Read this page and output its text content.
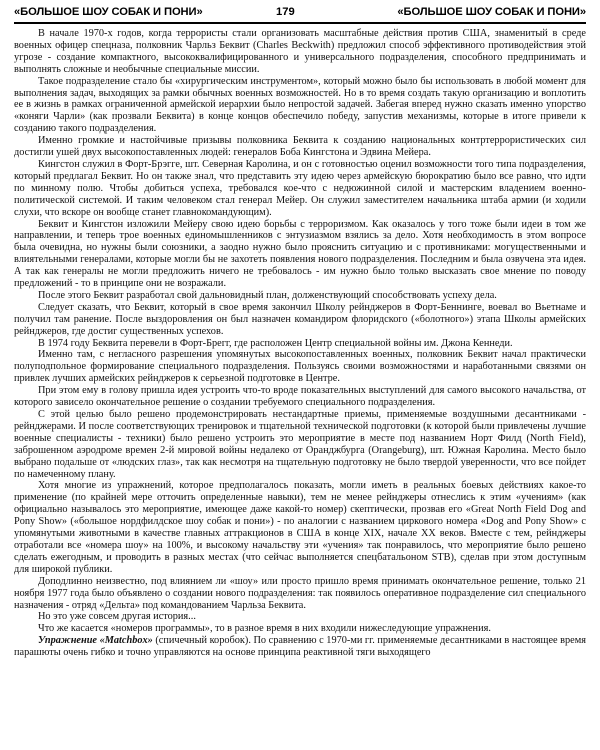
«БОЛЬШОЕ ШОУ СОБАК И ПОНИ»	179	«БОЛЬШОЕ ШОУ СОБАК И ПОНИ»

В начале 1970-х годов, когда террористы стали организовать масштабные действия против США, знаменитый в среде военных офицер спецназа, полковник Чарльз Беквит (Charles Beckwith) предложил способ эффективного противодействия этой угрозе - создание компактного, высококвалифицированного и универсального подразделения, способного предпринимать и выполнять сложные и необычные специальные миссии.

Такое подразделение стало бы «хирургическим инструментом», который можно было бы использовать в любой момент для выполнения задач, выходящих за рамки обычных военных возможностей. Но в то время создать такую организацию и воплотить ее в жизнь в рамках ограниченной армейской иерархии было непростой задачей. Забегая вперед нужно сказать именно упорство «коняги Чарли» (как прозвали Беквита) в конце концов обеспечило победу, запустив механизмы, которые в итоге привели к созданию такого подразделения.

Именно громкие и настойчивые призывы полковника Беквита к созданию национальных контртеррористических сил достигли ушей двух высокопоставленных людей: генералов Боба Кингстона и Эдвина Мейера.

Кингстон служил в Форт-Брэгге, шт. Северная Каролина, и он с готовностью оценил возможности того типа подразделения, который предлагал Беквит. Но он также знал, что представить эту идею через армейскую бюрократию было все равно, что идти по минному полю. Чтобы добиться успеха, требовался кое-что с недюжинной силой и мастерским владением военно-политической системой. И таким человеком стал генерал Мейер. Он служил заместителем начальника штаба армии (и ходили слухи, что вскоре он вообще станет главнокомандующим).

Беквит и Кингстон изложили Мейеру свою идею борьбы с терроризмом. Как оказалось у того тоже были идеи в том же направлении, и теперь трое военных единомышленников с энтузиазмом взялись за дело. Хотя необходимость в этом вопросе была очевидна, но нужны были союзники, а заодно нужно было прояснить ситуацию и с противниками: могущественными и влиятельными генералами, которые могли бы не захотеть появления нового подразделения. Последним и была озвучена эта идея. А так как генералы не могли предложить ничего не требовалось - им нужно было только высказать свое мнение по поводу предложений - то в принципе они не возражали.

После этого Беквит разработал свой дальновидный план, долженствующий способствовать успеху дела.

Следует сказать, что Беквит, который в свое время закончил Школу рейнджеров в Форт-Беннинге, воевал во Вьетнаме и получил там ранение. После выздоровления он был назначен командиром флоридского («болотного») этапа Школы армейских рейнджеров, где достиг существенных успехов.

В 1974 году Беквита перевели в Форт-Брегг, где расположен Центр специальной войны им. Джона Кеннеди.

Именно там, с негласного разрешения упомянутых высокопоставленных военных, полковник Беквит начал практически полуподпольное формирование специального подразделения. Пользуясь своими возможностями и наработанными связями он привлек лучших армейских рейнджеров к серьезной подготовке в Центре.

При этом ему в голову пришла идея устроить что-то вроде показательных выступлений для самого высокого начальства, от которого зависело окончательное решение о создании требуемого специального подразделения.

С этой целью было решено продемонстрировать нестандартные приемы, применяемые воздушными десантниками - рейнджерами. И после соответствующих тренировок и тщательной технической подготовки (к которой были привлечены лучшие военные специалисты - техники) было решено устроить это мероприятие в месте под названием Норт Филд (North Field), заброшенном аэродроме времен 2-й мировой войны недалеко от Оранджбурга (Orangeburg), шт. Южная Каролина. Место было выбрано подальше от «людских глаз», так как несмотря на тщательную подготовку не было твердой уверенности, что все пойдет по намеченному плану.

Хотя многие из упражнений, которое предполагалось показать, могли иметь в реальных боевых действиях какое-то применение (по крайней мере отточить определенные навыки), тем не менее рейнджеры отнеслись к этим «учениям» (как официально называлось это мероприятие, имеющее даже какой-то номер) скептически, прозвав его «Great North Field Dog and Pony Show» («большое нордфилдское шоу собак и пони») - по аналогии с названием циркового номера «Dog and Pony Show» с упомянутыми животными в качестве главных аттракционов в США в конце XIX, начале XX веков. Вместе с тем, рейнджеры отработали все «номера шоу» на 100%, и высокому начальству эти «учения» так понравилось, что мероприятие было решено сделать ежегодным, и проводить в разных местах (что сейчас выполняется спецбатальоном STB), сделав при этом доступным для широкой публики.

Доподлинно неизвестно, под влиянием ли «шоу» или просто пришло время принимать окончательное решение, только 21 ноября 1977 года было объявлено о создании нового подразделения: так появилось оперативное подразделение сил специального назначения - отряд «Дельта» под командованием Чарльза Беквита.

Но это уже совсем другая история...

Что же касается «номеров программы», то в разное время в них входили нижеследующие упражнения.

Упражнение «Matchbox» (спичечный коробок). По сравнению с 1970-ми гг. применяемые десантниками в настоящее время парашюты очень гибко и точно управляются на основе принципа реактивной тяги выходящего
